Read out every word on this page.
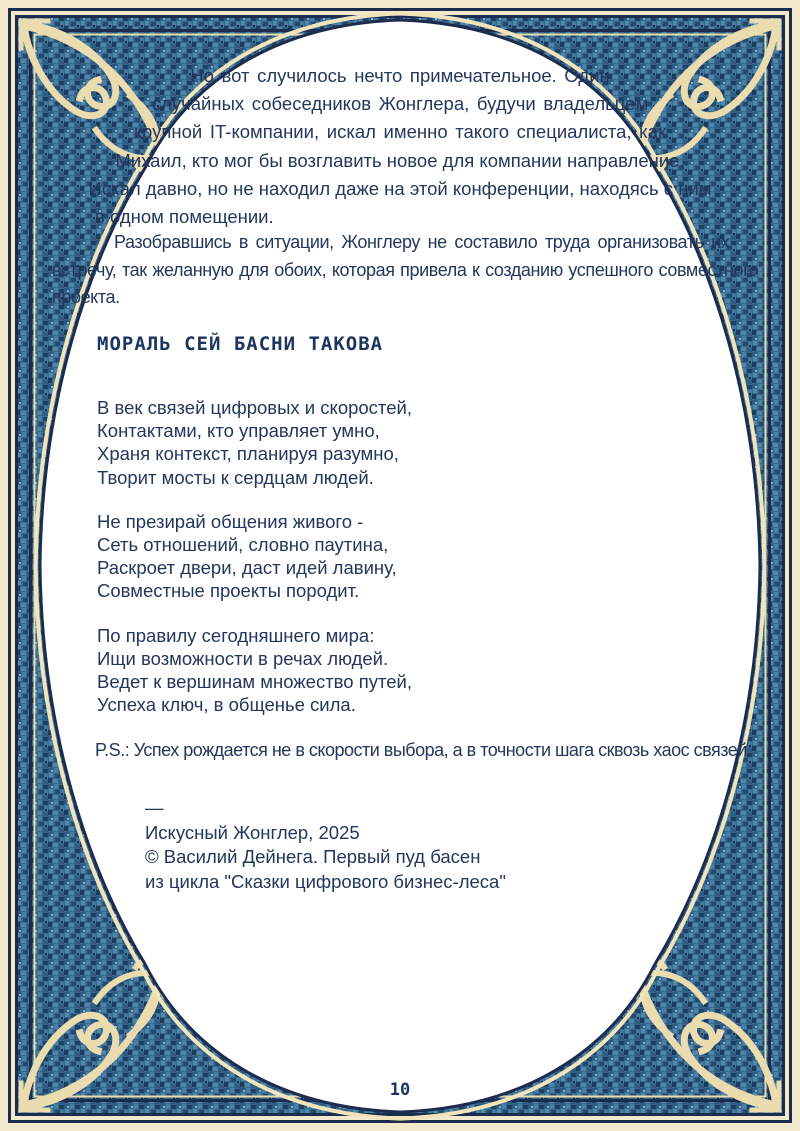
Но вот случилось нечто примечательное. Один
случайных собеседников Жонглера, будучи владельцем
крупной IT-компании, искал именно такого специалиста, как
Михаил, кто мог бы возглавить новое для компании направление.
Искал давно, но не находил даже на этой конференции, находясь с ним
в одном помещении.
Разобравшись в ситуации, Жонглеру не составило труда организовать их
встречу, так желанную для обоих, которая привела к созданию успешного совместного
проекта.
МОРАЛЬ СЕЙ БАСНИ ТАКОВА
В век связей цифровых и скоростей,
Контактами, кто управляет умно,
Храня контекст, планируя разумно,
Творит мосты к сердцам людей.
Не презирай общения живого -
Сеть отношений, словно паутина,
Раскроет двери, даст идей лавину,
Совместные проекты породит.
По правилу сегодняшнего мира:
Ищи возможности в речах людей.
Ведет к вершинам множество путей,
Успеха ключ, в общенье сила.
P.S.: Успех рождается не в скорости выбора, а в точности шага сквозь хаос связей.
—
Искусный Жонглер, 2025
© Василий Дейнега. Первый пуд басен
из цикла "Сказки цифрового бизнес-леса"
10
